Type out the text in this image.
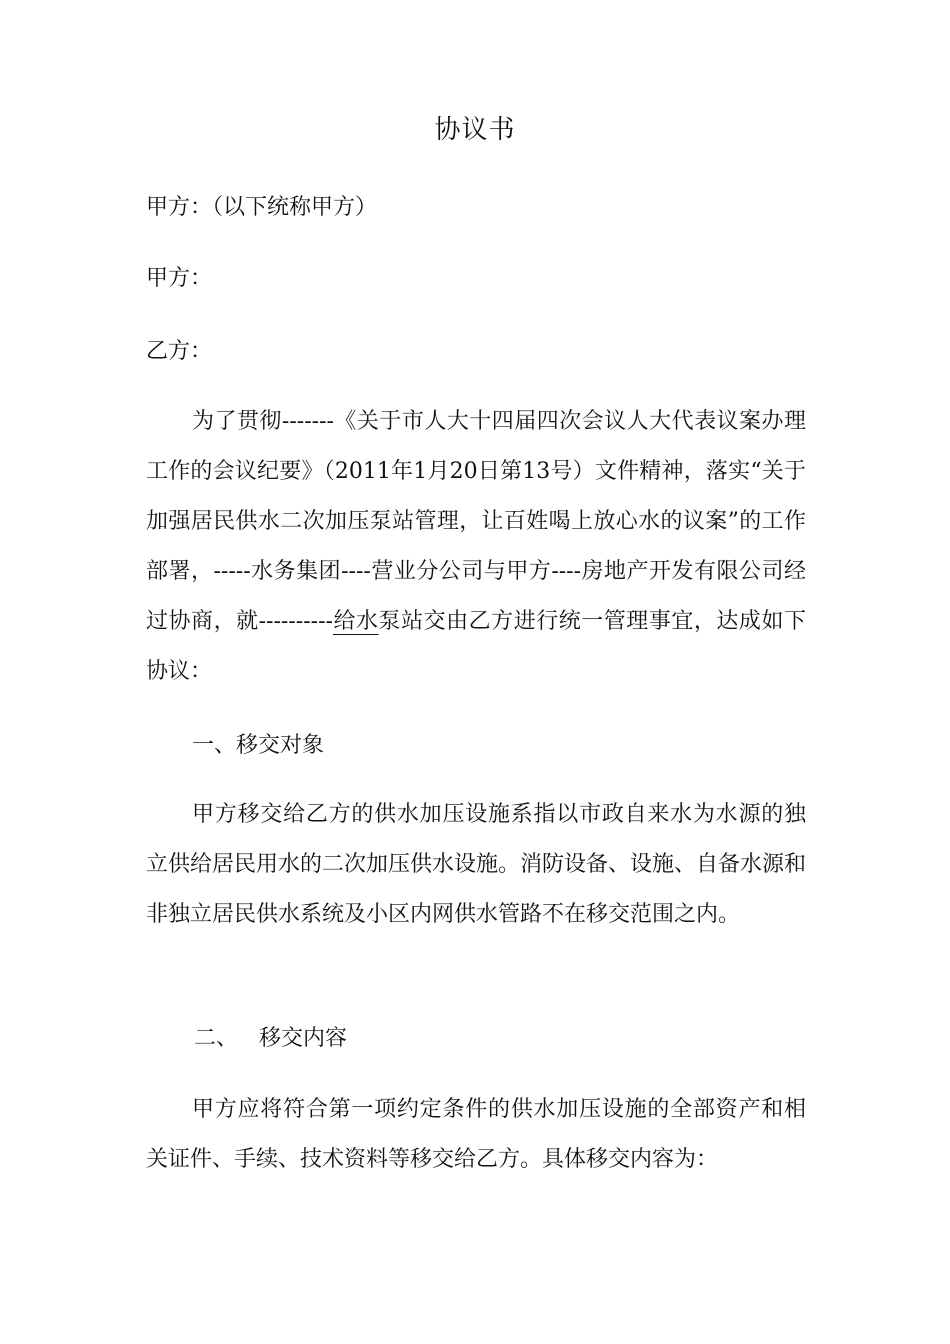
协议书
甲方：（以下统称甲方）
甲方：
乙方：
为了贯彻-------《关于市人大十四届四次会议人大代表议案办理工作的会议纪要》（2011年1月20日第13号）文件精神，落实“关于加强居民供水二次加压泵站管理，让百姓喝上放心水的议案”的工作部署，-----水务集团----营业分公司与甲方----房地产开发有限公司经过协商，就----------给水泵站交由乙方进行统一管理事宜，达成如下协议：
一、移交对象
甲方移交给乙方的供水加压设施系指以市政自来水为水源的独立供给居民用水的二次加压供水设施。消防设备、设施、自备水源和非独立居民供水系统及小区内网供水管路不在移交范围之内。
二、 移交内容
甲方应将符合第一项约定条件的供水加压设施的全部资产和相关证件、手续、技术资料等移交给乙方。具体移交内容为：
